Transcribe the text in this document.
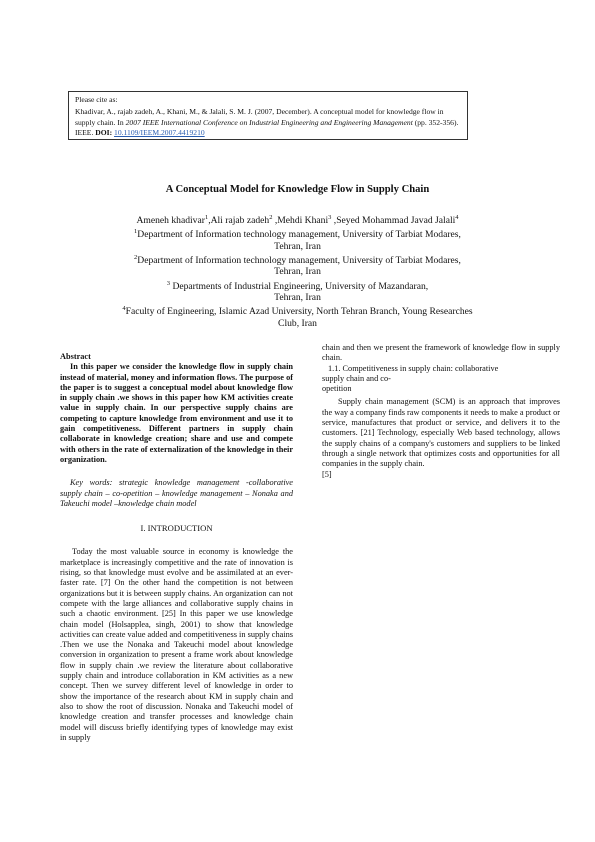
Please cite as:

Khadivar, A., rajab zadeh, A., Khani, M., & Jalali, S. M. J. (2007, December). A conceptual model for knowledge flow in supply chain. In 2007 IEEE International Conference on Industrial Engineering and Engineering Management (pp. 352-356). IEEE. DOI: 10.1109/IEEM.2007.4419210

A Conceptual Model for Knowledge Flow in Supply Chain

Ameneh khadivar$^1$,Ali rajab zadeh$^2$ ,Mehdi Khani$^3$ ,Seyed Mohammad Javad Jalali$^4$

$^1$Department of Information technology management, University of Tarbiat Modares,

Tehran, Iran

$^2$Department of Information technology management, University of Tarbiat Modares,

Tehran, Iran

$^3$ Departments of Industrial Engineering, University of Mazandaran,

Tehran, Iran

$^4$Faculty of Engineering, Islamic Azad University, North Tehran Branch, Young Researches

Club, Iran

Abstract

In this paper we consider the knowledge flow in supply chain instead of material, money and information flows. The purpose of the paper is to suggest a conceptual model about knowledge flow in supply chain .we shows in this paper how KM activities create value in supply chain. In our perspective supply chains are competing to capture knowledge from environment and use it to gain competitiveness. Different partners in supply chain collaborate in knowledge creation; share and use and compete with others in the rate of externalization of the knowledge in their organization.

Key words: strategic knowledge management -collaborative supply chain – co-opetition – knowledge management – Nonaka and Takeuchi model –knowledge chain model

I. INTRODUCTION

Today the most valuable source in economy is knowledge the marketplace is increasingly competitive and the rate of innovation is rising, so that knowledge must evolve and be assimilated at an ever-faster rate. [7] On the other hand the competition is not between organizations but it is between supply chains. An organization can not compete with the large alliances and collaborative supply chains in such a chaotic environment. [25] In this paper we use knowledge chain model (Holsapplea, singh, 2001) to show that knowledge activities can create value added and competitiveness in supply chains .Then we use the Nonaka and Takeuchi model about knowledge conversion in organization to present a frame work about knowledge flow in supply chain .we review the literature about collaborative supply chain and introduce collaboration in KM activities as a new concept. Then we survey different level of knowledge in order to show the importance of the research about KM in supply chain and also to show the root of discussion. Nonaka and Takeuchi model of knowledge creation and transfer processes and knowledge chain model will discuss briefly identifying types of knowledge may exist in supply

chain and then we present the framework of knowledge flow in supply chain.

1.1. Competitiveness in supply chain: collaborative

supply chain and co-

opetition

Supply chain management (SCM) is an approach that improves the way a company finds raw components it needs to make a product or service, manufactures that product or service, and delivers it to the customers. [21] Technology, especially Web based technology, allows the supply chains of a company's customers and suppliers to be linked through a single network that optimizes costs and opportunities for all companies in the supply chain.
[5]
